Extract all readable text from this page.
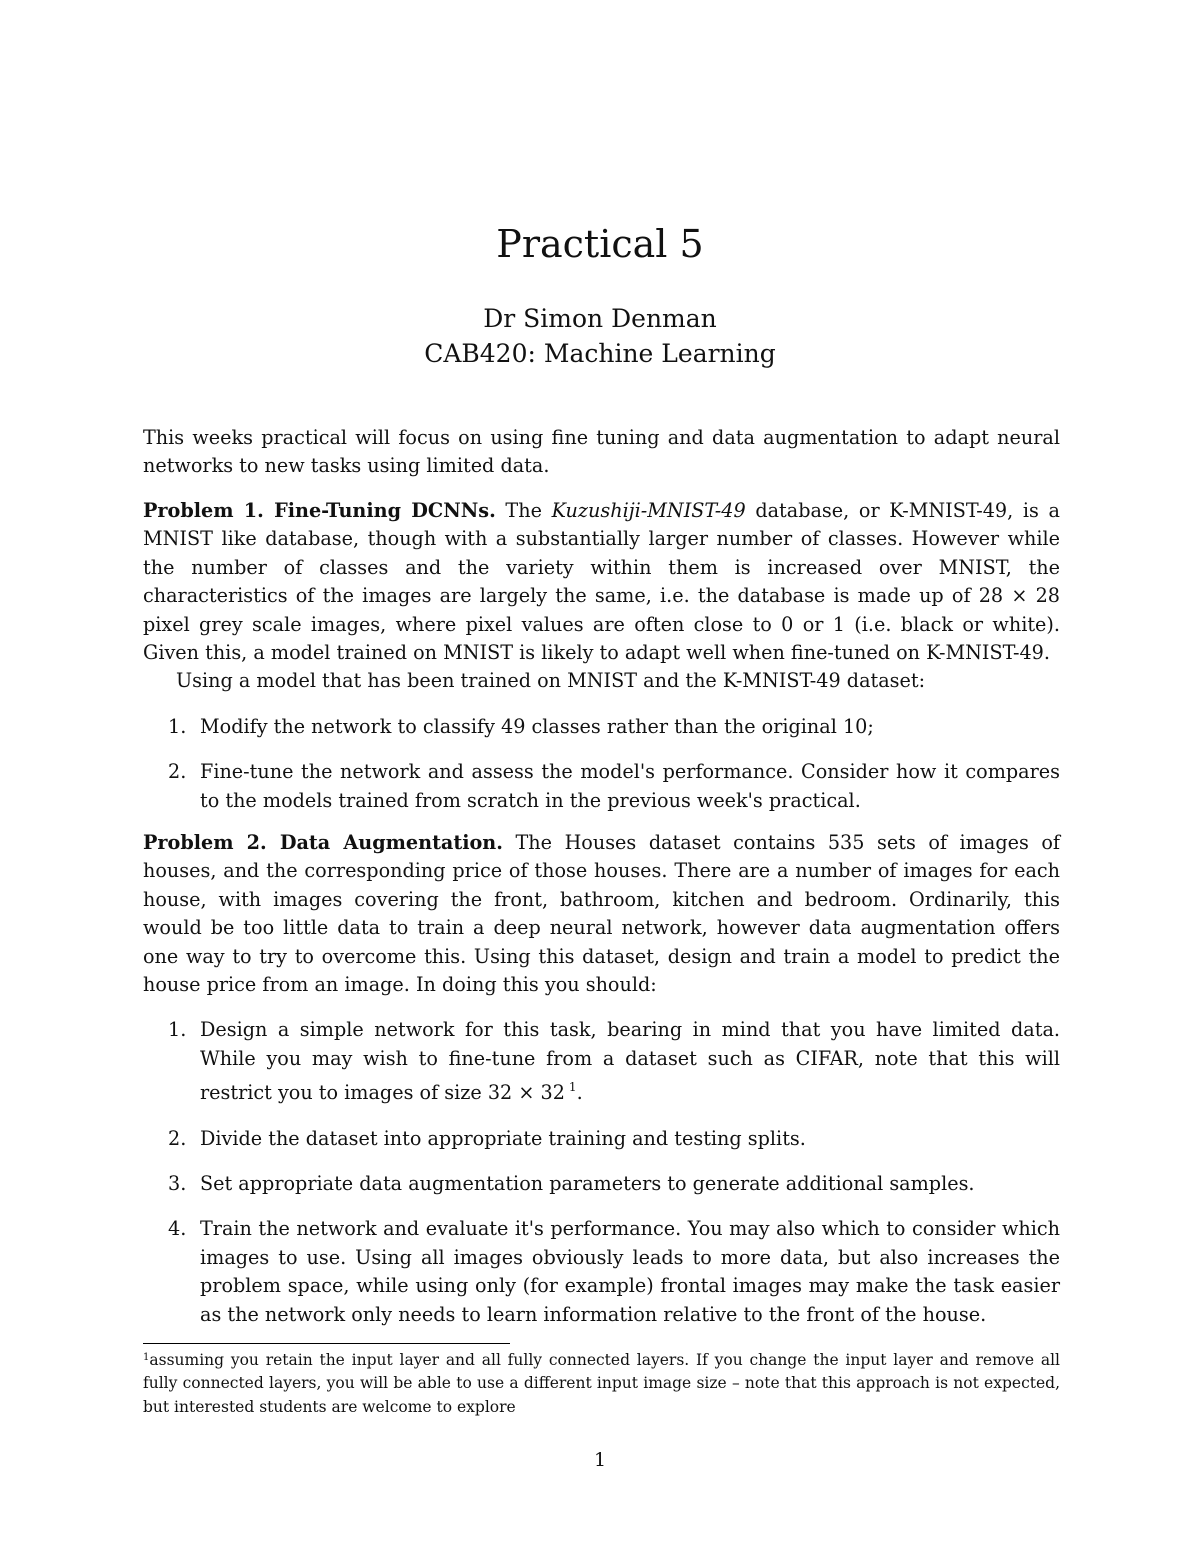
Practical 5
Dr Simon Denman
CAB420: Machine Learning

This weeks practical will focus on using fine tuning and data augmentation to adapt neural networks to new tasks using limited data.

Problem 1. Fine-Tuning DCNNs. The Kuzushiji-MNIST-49 database, or K-MNIST-49, is a MNIST like database, though with a substantially larger number of classes. However while the number of classes and the variety within them is increased over MNIST, the characteristics of the images are largely the same, i.e. the database is made up of 28 × 28 pixel grey scale images, where pixel values are often close to 0 or 1 (i.e. black or white). Given this, a model trained on MNIST is likely to adapt well when fine-tuned on K-MNIST-49.

Using a model that has been trained on MNIST and the K-MNIST-49 dataset:

1. Modify the network to classify 49 classes rather than the original 10;
2. Fine-tune the network and assess the model's performance. Consider how it compares to the models trained from scratch in the previous week's practical.

Problem 2. Data Augmentation. The Houses dataset contains 535 sets of images of houses, and the corresponding price of those houses. There are a number of images for each house, with images covering the front, bathroom, kitchen and bedroom. Ordinarily, this would be too little data to train a deep neural network, however data augmentation offers one way to try to overcome this. Using this dataset, design and train a model to predict the house price from an image. In doing this you should:

1. Design a simple network for this task, bearing in mind that you have limited data. While you may wish to fine-tune from a dataset such as CIFAR, note that this will restrict you to images of size 32 × 32 $^1$.
2. Divide the dataset into appropriate training and testing splits.
3. Set appropriate data augmentation parameters to generate additional samples.
4. Train the network and evaluate it's performance. You may also which to consider which images to use. Using all images obviously leads to more data, but also increases the problem space, while using only (for example) frontal images may make the task easier as the network only needs to learn information relative to the front of the house.
$^1$assuming you retain the input layer and all fully connected layers. If you change the input layer and remove all fully connected layers, you will be able to use a different input image size – note that this approach is not expected, but interested students are welcome to explore
1
